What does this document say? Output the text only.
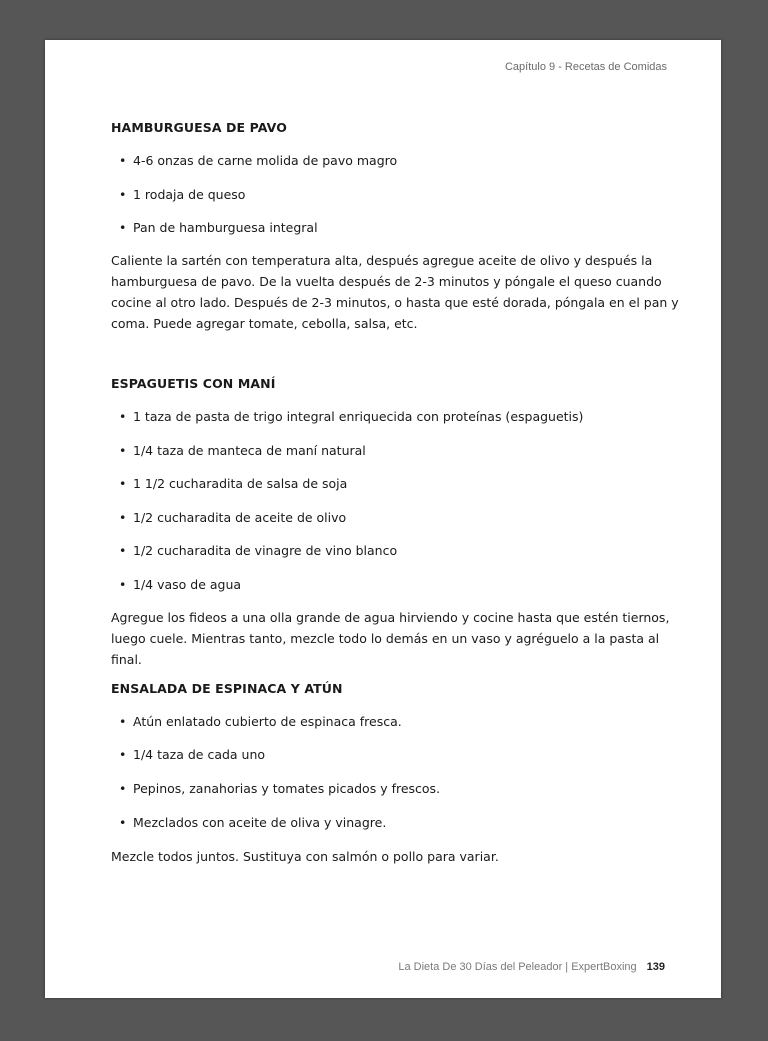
Capítulo 9 - Recetas de Comidas
HAMBURGUESA DE PAVO
• 4-6 onzas de carne molida de pavo magro
• 1 rodaja de queso
• Pan de hamburguesa integral
Caliente la sartén con temperatura alta, después agregue aceite de olivo y después la hamburguesa de pavo. De la vuelta después de 2-3 minutos y póngale el queso cuando cocine al otro lado. Después de 2-3 minutos, o hasta que esté dorada, póngala en el pan y coma. Puede agregar tomate, cebolla, salsa, etc.
ESPAGUETIS CON MANÍ
• 1 taza de pasta de trigo integral enriquecida con proteínas (espaguetis)
• 1/4 taza de manteca de maní natural
• 1 1/2 cucharadita de salsa de soja
• 1/2 cucharadita de aceite de olivo
• 1/2 cucharadita de vinagre de vino blanco
• 1/4 vaso de agua
Agregue los fideos a una olla grande de agua hirviendo y cocine hasta que estén tiernos, luego cuele. Mientras tanto, mezcle todo lo demás en un vaso y agréguelo a la pasta al final.
ENSALADA DE ESPINACA Y ATÚN
• Atún enlatado cubierto de espinaca fresca.
• 1/4 taza de cada uno
• Pepinos, zanahorias y tomates picados y frescos.
• Mezclados con aceite de oliva y vinagre.
Mezcle todos juntos. Sustituya con salmón o pollo para variar.
La Dieta De 30 Días del Peleador | ExpertBoxing 139
